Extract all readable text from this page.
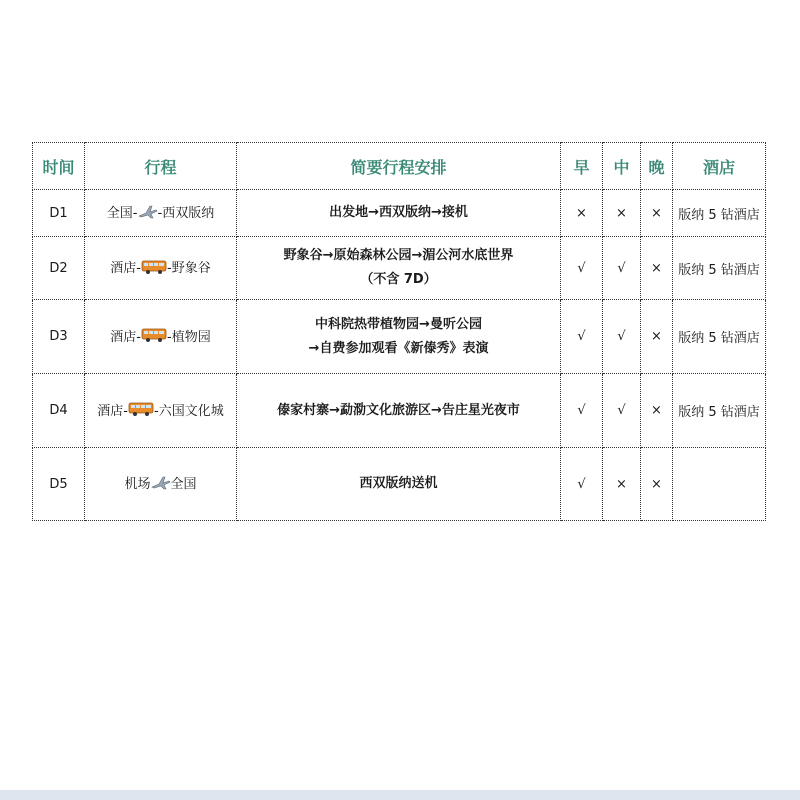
时间	行程	简要行程安排	早	中	晚	酒店
D1	全国- -西双版纳	出发地→西双版纳→接机	×	×	×	版纳 5 钻酒店
D2	酒店- -野象谷	野象谷→原始森林公园→湄公河水底世界
（不含 7D）	√	√	×	版纳 5 钻酒店
D3	酒店- -植物园	中科院热带植物园→曼听公园
→自费参加观看《新傣秀》表演	√	√	×	版纳 5 钻酒店
D4	酒店- -六国文化城	傣家村寨→勐泐文化旅游区→告庄星光夜市	√	√	×	版纳 5 钻酒店
D5	机场 全国	西双版纳送机	√	×	×	
